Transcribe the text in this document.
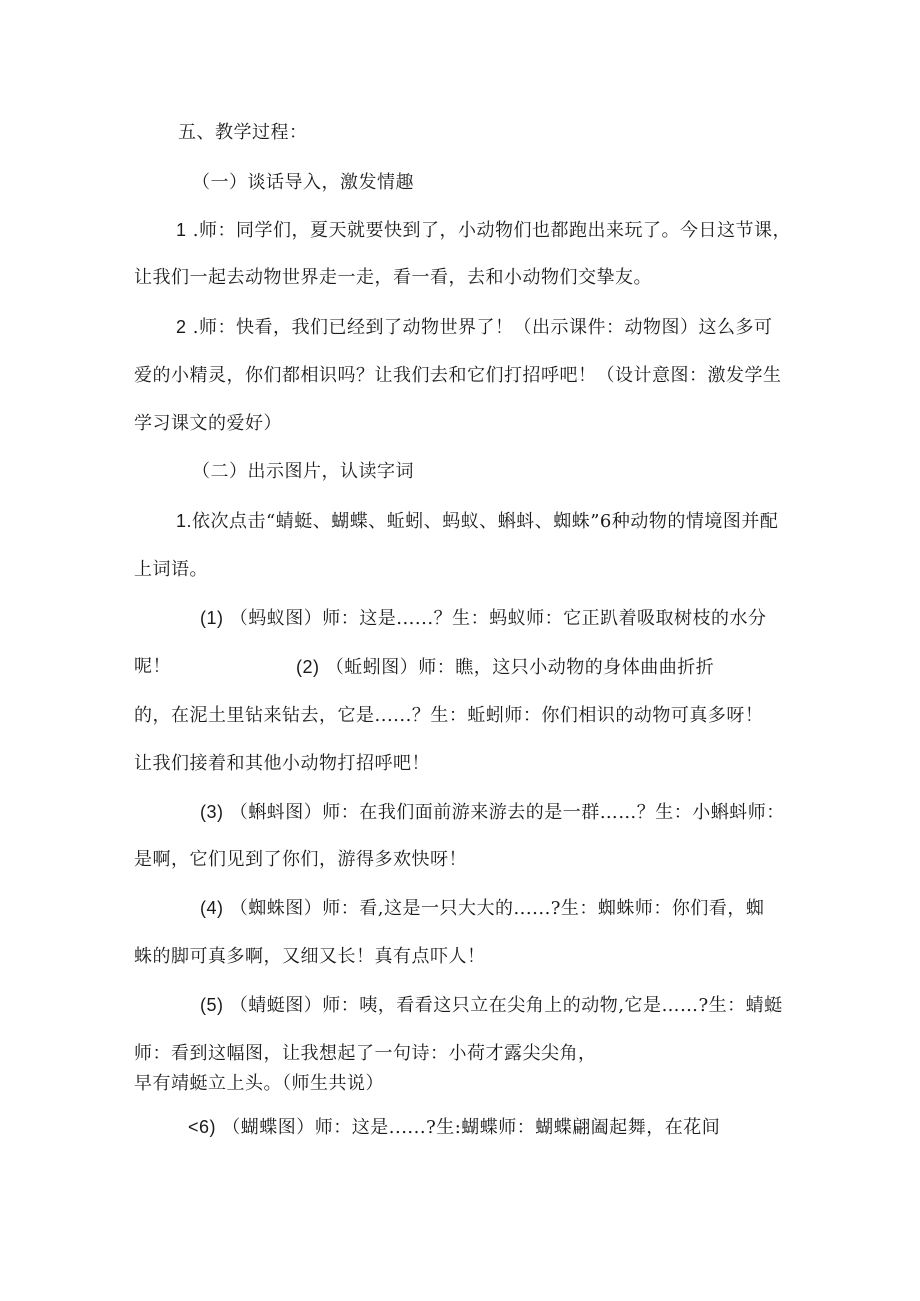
五、教学过程：
（一）谈话导入，激发情趣
1 .师：同学们，夏天就要快到了，小动物们也都跑出来玩了。今日这节课，
让我们一起去动物世界走一走，看一看，去和小动物们交挚友。
2 .师：快看，我们已经到了动物世界了！（出示课件：动物图）这么多可
爱的小精灵，你们都相识吗？让我们去和它们打招呼吧！（设计意图：激发学生
学习课文的爱好）
（二）出示图片，认读字词
1.依次点击“蜻蜓、蝴蝶、蚯蚓、蚂蚁、蝌蚪、蜘蛛”6种动物的情境图并配
上词语。
(1) （蚂蚁图）师：这是......？生：蚂蚁师：它正趴着吸取树枝的水分
呢！	(2) （蚯蚓图）师：瞧，这只小动物的身体曲曲折折
的，在泥土里钻来钻去，它是......？生：蚯蚓师：你们相识的动物可真多呀！
让我们接着和其他小动物打招呼吧！
(3) （蝌蚪图）师：在我们面前游来游去的是一群……？生：小蝌蚪师：
是啊，它们见到了你们，游得多欢快呀！
(4) （蜘蛛图）师：看,这是一只大大的......?生：蜘蛛师：你们看，蜘
蛛的脚可真多啊，又细又长！真有点吓人！
(5) （蜻蜓图）师：咦，看看这只立在尖角上的动物,它是……?生：蜻蜓
师：看到这幅图，让我想起了一句诗：小荷才露尖尖角，
早有靖蜓立上头。（师生共说）
<6) （蝴蝶图）师：这是......?生:蝴蝶师：蝴蝶翩阖起舞，在花间
